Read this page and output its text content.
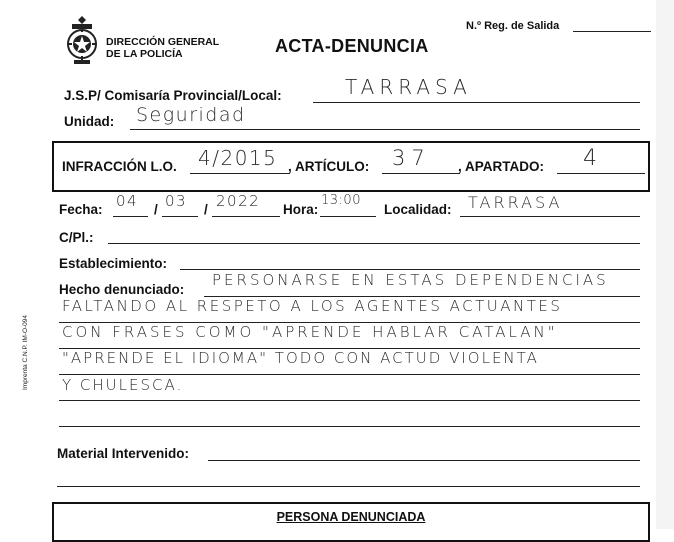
DIRECCIÓN GENERAL
DE LA POLICÍA	ACTA-DENUNCIA
N.º Reg. de Salida
J.S.P/ Comisaría Provincial/Local:	TARRASA
Unidad: Seguridad
INFRACCIÓN L.O. 4/2015 , ARTÍCULO: 37 , APARTADO: 4
Fecha: 04 / 03 / 2022 Hora:
13:00
Localidad: TARRASA
C/Pl.:
Establecimiento:
Hecho denunciado:
PERSONARSE EN ESTAS DEPENDENCIAS
FALTANDO AL RESPETO A LOS AGENTES ACTUANTES
CON FRASES COMO "APRENDE HABLAR CATALAN"
"APRENDE EL IDIOMA" TODO CON ACTUD VIOLENTA
Y CHULESCA.
Material Intervenido:
Imprenta C.N.P. IM-O-094
PERSONA DENUNCIADA
